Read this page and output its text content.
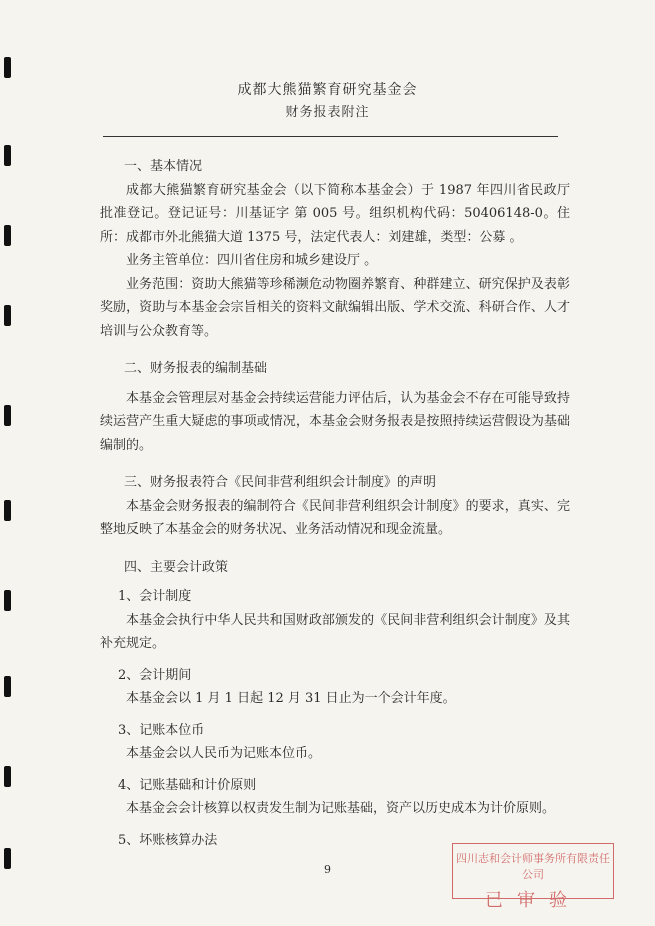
成都大熊猫繁育研究基金会
财务报表附注

一、基本情况

成都大熊猫繁育研究基金会（以下简称本基金会）于 1987 年四川省民政厅批准登记。登记证号：川基证字 第 005 号。组织机构代码：50406148-0。住所：成都市外北熊猫大道 1375 号，法定代表人：刘建雄，类型：公募 。

业务主管单位：四川省住房和城乡建设厅 。

业务范围：资助大熊猫等珍稀濒危动物圈养繁育、种群建立、研究保护及表彰奖励，资助与本基金会宗旨相关的资料文献编辑出版、学术交流、科研合作、人才培训与公众教育等。

二、财务报表的编制基础

本基金会管理层对基金会持续运营能力评估后，认为基金会不存在可能导致持续运营产生重大疑虑的事项或情况，本基金会财务报表是按照持续运营假设为基础编制的。

三、财务报表符合《民间非营利组织会计制度》的声明

本基金会财务报表的编制符合《民间非营利组织会计制度》的要求，真实、完整地反映了本基金会的财务状况、业务活动情况和现金流量。

四、主要会计政策

1、会计制度

本基金会执行中华人民共和国财政部颁发的《民间非营利组织会计制度》及其补充规定。

2、会计期间

本基金会以 1 月 1 日起 12 月 31 日止为一个会计年度。

3、记账本位币

本基金会以人民币为记账本位币。

4、记账基础和计价原则

本基金会会计核算以权责发生制为记账基础，资产以历史成本为计价原则。

5、坏账核算办法

9
四川志和会计师事务所有限责任公司
已审验
